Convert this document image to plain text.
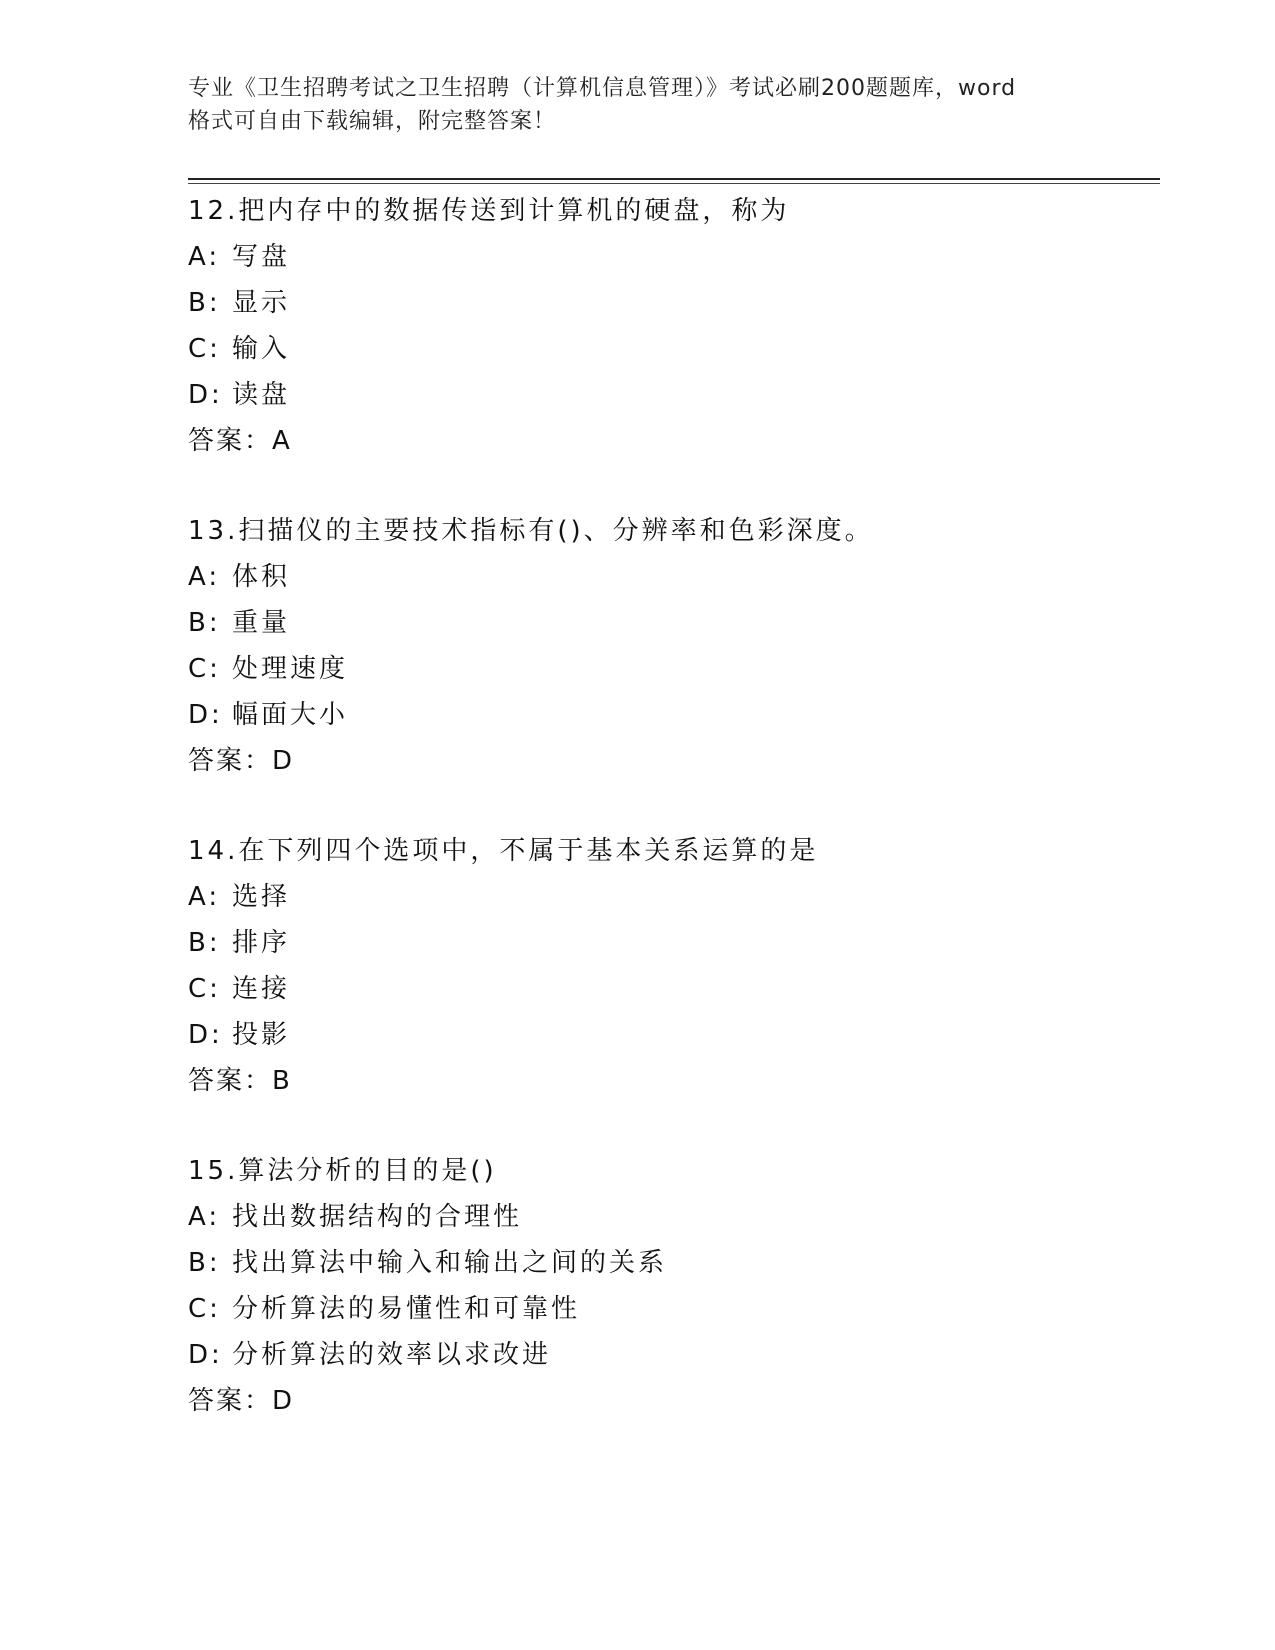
专业《卫生招聘考试之卫生招聘（计算机信息管理）》考试必刷200题题库，word
格式可自由下载编辑，附完整答案！
12.把内存中的数据传送到计算机的硬盘，称为
A: 写盘
B: 显示
C: 输入
D: 读盘
答案：A
13.扫描仪的主要技术指标有()、分辨率和色彩深度。
A: 体积
B: 重量
C: 处理速度
D: 幅面大小
答案：D
14.在下列四个选项中，不属于基本关系运算的是
A: 选择
B: 排序
C: 连接
D: 投影
答案：B
15.算法分析的目的是()
A: 找出数据结构的合理性
B: 找出算法中输入和输出之间的关系
C: 分析算法的易懂性和可靠性
D: 分析算法的效率以求改进
答案：D
